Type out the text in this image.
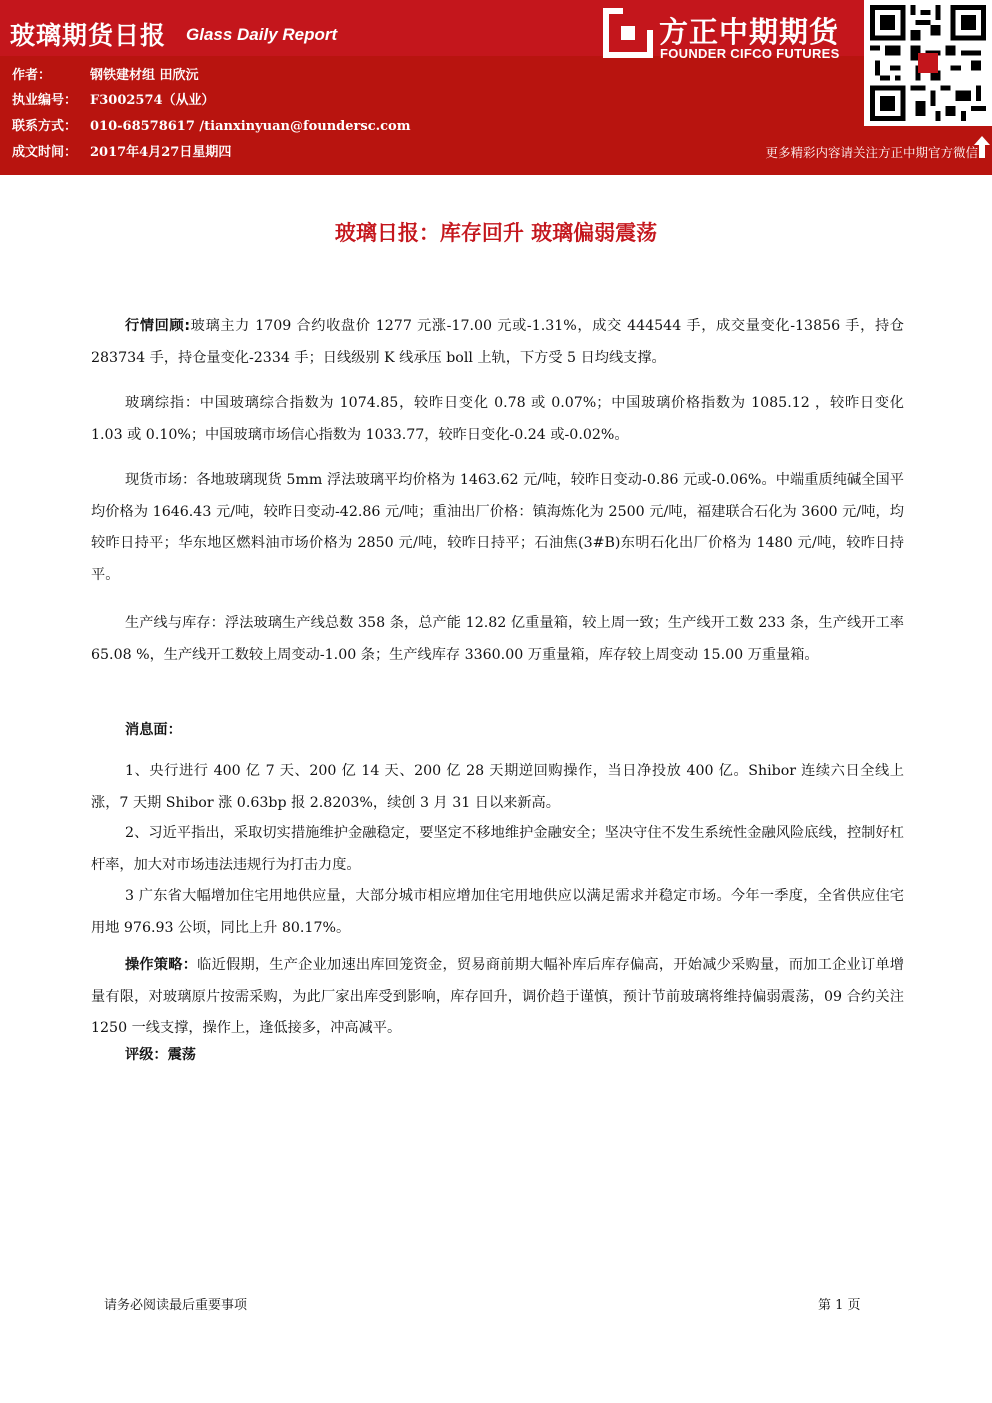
玻璃期货日报 Glass Daily Report
作者：	钢铁建材组 田欣沅
执业编号： F3002574（从业）
联系方式： 010-68578617 /tianxinyuan@foundersc.com
成文时间： 2017年4月27日星期四
方正中期期货
FOUNDER CIFCO FUTURES
更多精彩内容请关注方正中期官方微信
玻璃日报：库存回升 玻璃偏弱震荡
行情回顾:玻璃主力 1709 合约收盘价 1277 元涨-17.00 元或-1.31%，成交 444544 手，成交量变化-13856 手，持仓 283734 手，持仓量变化-2334 手；日线级别 K 线承压 boll 上轨，下方受 5 日均线支撑。
玻璃综指：中国玻璃综合指数为 1074.85，较昨日变化 0.78 或 0.07%；中国玻璃价格指数为 1085.12 ，较昨日变化 1.03 或 0.10%；中国玻璃市场信心指数为 1033.77，较昨日变化-0.24 或-0.02%。
现货市场：各地玻璃现货 5mm 浮法玻璃平均价格为 1463.62 元/吨，较昨日变动-0.86 元或-0.06%。中端重质纯碱全国平均价格为 1646.43 元/吨，较昨日变动-42.86 元/吨；重油出厂价格：镇海炼化为 2500 元/吨，福建联合石化为 3600 元/吨，均较昨日持平；华东地区燃料油市场价格为 2850 元/吨，较昨日持平；石油焦(3#B)东明石化出厂价格为 1480 元/吨，较昨日持平。
生产线与库存：浮法玻璃生产线总数 358 条，总产能 12.82 亿重量箱，较上周一致；生产线开工数 233 条，生产线开工率 65.08 %，生产线开工数较上周变动-1.00 条；生产线库存 3360.00 万重量箱，库存较上周变动 15.00 万重量箱。
消息面：
1、央行进行 400 亿 7 天、200 亿 14 天、200 亿 28 天期逆回购操作，当日净投放 400 亿。Shibor 连续六日全线上涨，7 天期 Shibor 涨 0.63bp 报 2.8203%，续创 3 月 31 日以来新高。
2、习近平指出，采取切实措施维护金融稳定，要坚定不移地维护金融安全；坚决守住不发生系统性金融风险底线，控制好杠杆率，加大对市场违法违规行为打击力度。
3 广东省大幅增加住宅用地供应量，大部分城市相应增加住宅用地供应以满足需求并稳定市场。今年一季度，全省供应住宅用地 976.93 公顷，同比上升 80.17%。
操作策略：临近假期，生产企业加速出库回笼资金，贸易商前期大幅补库后库存偏高，开始减少采购量，而加工企业订单增量有限，对玻璃原片按需采购，为此厂家出库受到影响，库存回升，调价趋于谨慎，预计节前玻璃将维持偏弱震荡，09 合约关注 1250 一线支撑，操作上，逢低接多，冲高减平。
评级：震荡
请务必阅读最后重要事项	第 1 页
